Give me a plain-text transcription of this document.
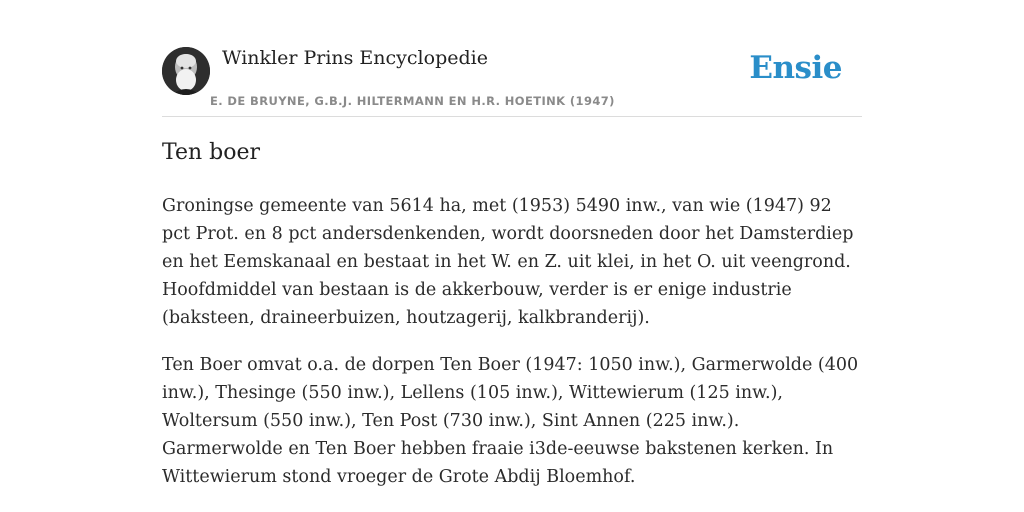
Winkler Prins Encyclopedie
E. DE BRUYNE, G.B.J. HILTERMANN EN H.R. HOETINK (1947)
Ensie
Ten boer

Groningse gemeente van 5614 ha, met (1953) 5490 inw., van wie (1947) 92 pct Prot. en 8 pct andersdenkenden, wordt doorsneden door het Damsterdiep en het Eemskanaal en bestaat in het W. en Z. uit klei, in het O. uit veengrond. Hoofdmiddel van bestaan is de akkerbouw, verder is er enige industrie (baksteen, draineerbuizen, houtzagerij, kalkbranderij).

Ten Boer omvat o.a. de dorpen Ten Boer (1947: 1050 inw.), Garmerwolde (400 inw.), Thesinge (550 inw.), Lellens (105 inw.), Wittewierum (125 inw.), Woltersum (550 inw.), Ten Post (730 inw.), Sint Annen (225 inw.). Garmerwolde en Ten Boer hebben fraaie i3de-eeuwse bakstenen kerken. In Wittewierum stond vroeger de Grote Abdij Bloemhof.
